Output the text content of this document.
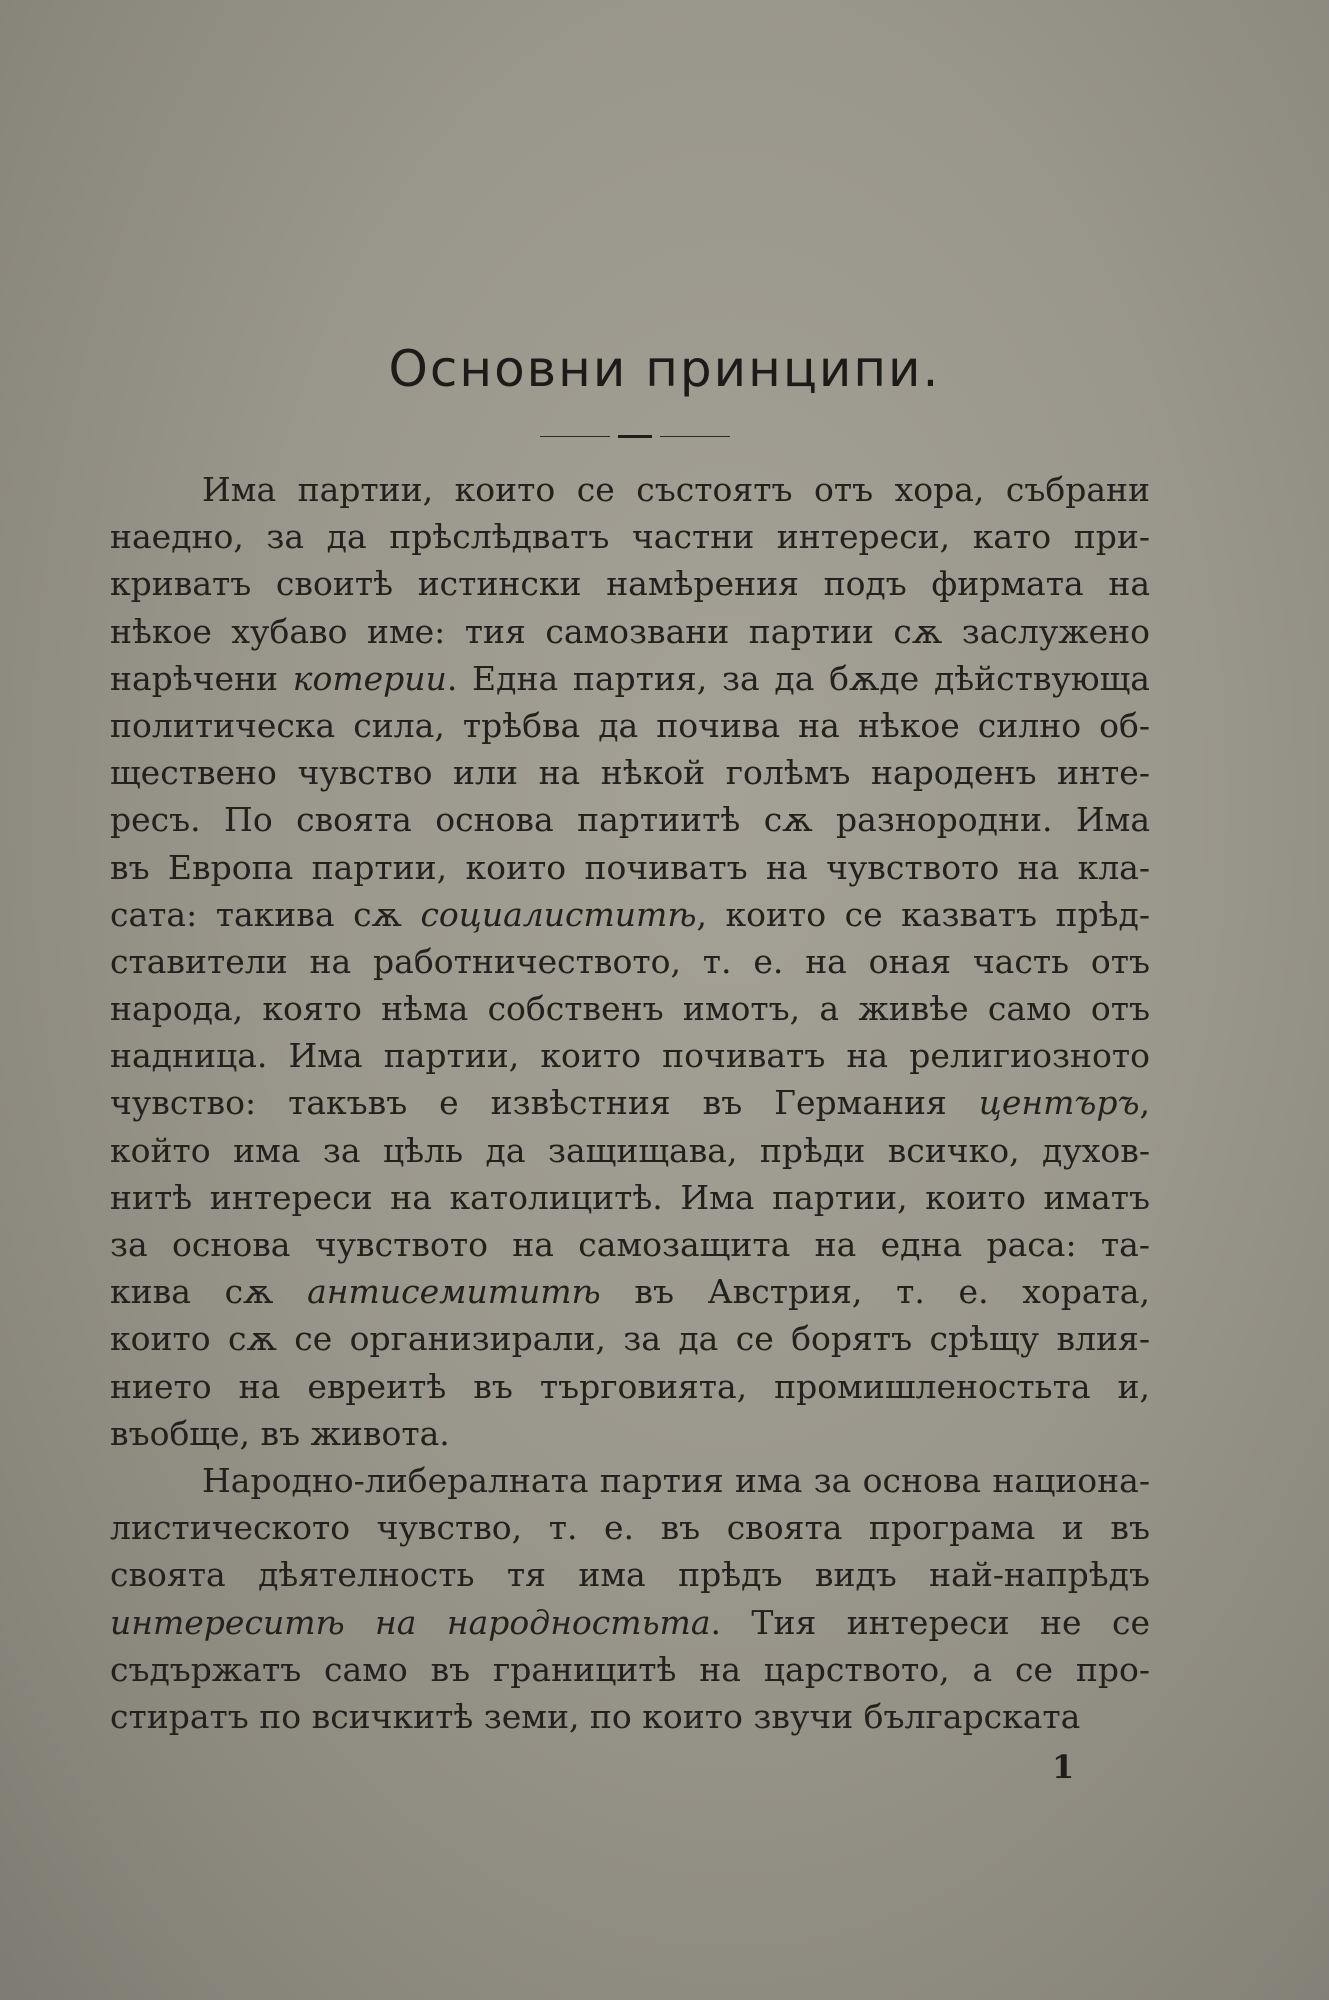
Основни принципи.
Има партии, които се състоятъ отъ хора, събрани
наедно, за да прѣслѣдватъ частни интереси, като при-
криватъ своитѣ истински намѣрения подъ фирмата на
нѣкое хубаво име: тия самозвани партии сѫ заслужено
нарѣчени котерии. Една партия, за да бѫде дѣйствующа
политическа сила, трѣбва да почива на нѣкое силно об-
ществено чувство или на нѣкой голѣмъ народенъ инте-
ресъ. По своята основа партиитѣ сѫ разнородни. Има
въ Европа партии, които почиватъ на чувството на кла-
сата: такива сѫ социалиститѣ, които се казватъ прѣд-
ставители на работничеството, т. е. на оная часть отъ
народа, която нѣма собственъ имотъ, а живѣе само отъ
надница. Има партии, които почиватъ на религиозното
чувство: такъвъ е извѣстния въ Германия центъръ,
който има за цѣль да защищава, прѣди всичко, духов-
нитѣ интереси на католицитѣ. Има партии, които иматъ
за основа чувството на самозащита на една раса: та-
кива сѫ антисемититѣ въ Австрия, т. е. хората,
които сѫ се организирали, за да се борятъ срѣщу влия-
нието на евреитѣ въ търговията, промишленостьта и,
въобще, въ живота.
Народно-либералната партия има за основа национа-
листическото чувство, т. е. въ своята програма и въ
своята дѣятелность тя има прѣдъ видъ най-напрѣдъ
интереситѣ на народностьта. Тия интереси не се
съдържатъ само въ границитѣ на царството, а се про-
стиратъ по всичкитѣ земи, по които звучи българската
1
